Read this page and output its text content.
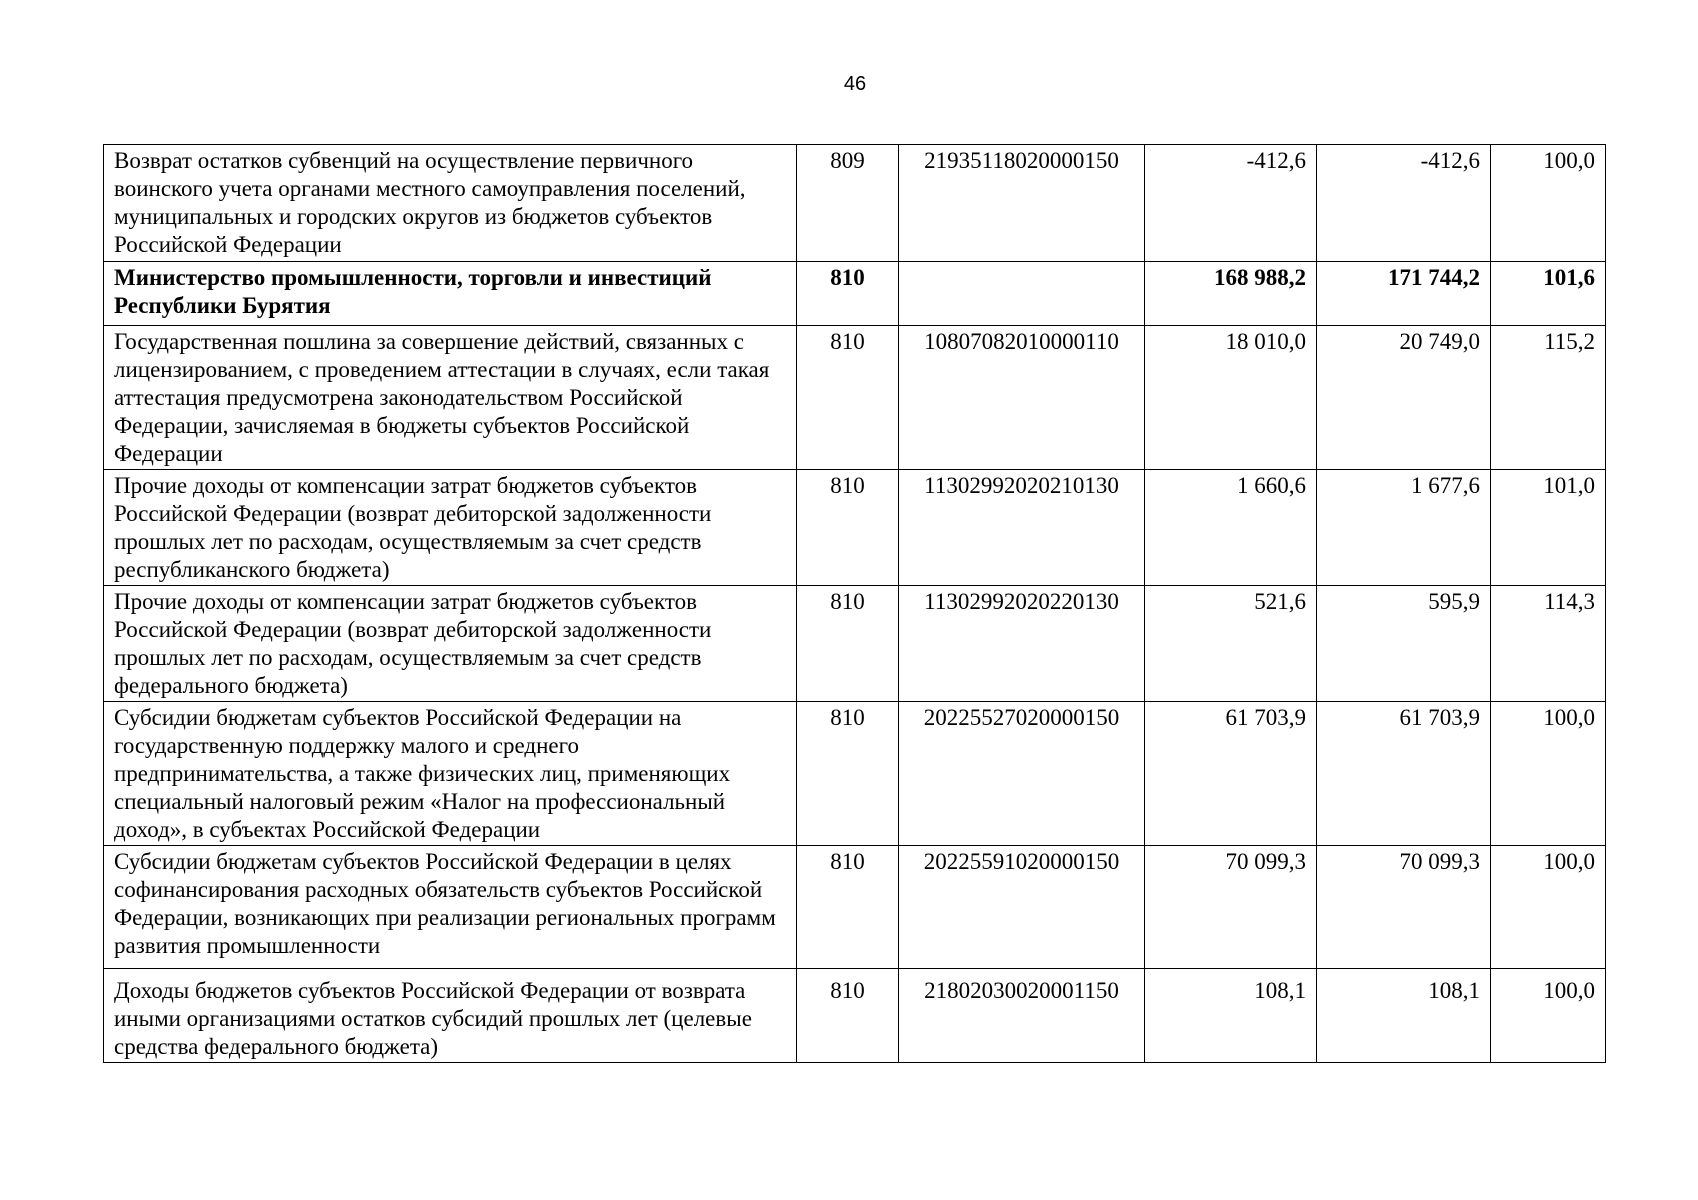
46
Возврат остатков субвенций на осуществление первичного воинского учета органами местного самоуправления поселений, муниципальных и городских округов из бюджетов субъектов Российской Федерации	809	21935118020000150	-412,6	-412,6	100,0
Министерство промышленности, торговли и инвестиций Республики Бурятия	810		168 988,2	171 744,2	101,6
Государственная пошлина за совершение действий, связанных с лицензированием, с проведением аттестации в случаях, если такая аттестация предусмотрена законодательством Российской Федерации, зачисляемая в бюджеты субъектов Российской Федерации	810	10807082010000110	18 010,0	20 749,0	115,2
Прочие доходы от компенсации затрат бюджетов субъектов Российской Федерации (возврат дебиторской задолженности прошлых лет по расходам, осуществляемым за счет средств республиканского бюджета)	810	11302992020210130	1 660,6	1 677,6	101,0
Прочие доходы от компенсации затрат бюджетов субъектов Российской Федерации (возврат дебиторской задолженности прошлых лет по расходам, осуществляемым за счет средств федерального бюджета)	810	11302992020220130	521,6	595,9	114,3
Субсидии бюджетам субъектов Российской Федерации на государственную поддержку малого и среднего предпринимательства, а также физических лиц, применяющих специальный налоговый режим «Налог на профессиональный доход», в субъектах Российской Федерации	810	20225527020000150	61 703,9	61 703,9	100,0
Субсидии бюджетам субъектов Российской Федерации в целях софинансирования расходных обязательств субъектов Российской Федерации, возникающих при реализации региональных программ развития промышленности	810	20225591020000150	70 099,3	70 099,3	100,0
Доходы бюджетов субъектов Российской Федерации от возврата иными организациями остатков субсидий прошлых лет (целевые средства федерального бюджета)	810	21802030020001150	108,1	108,1	100,0
